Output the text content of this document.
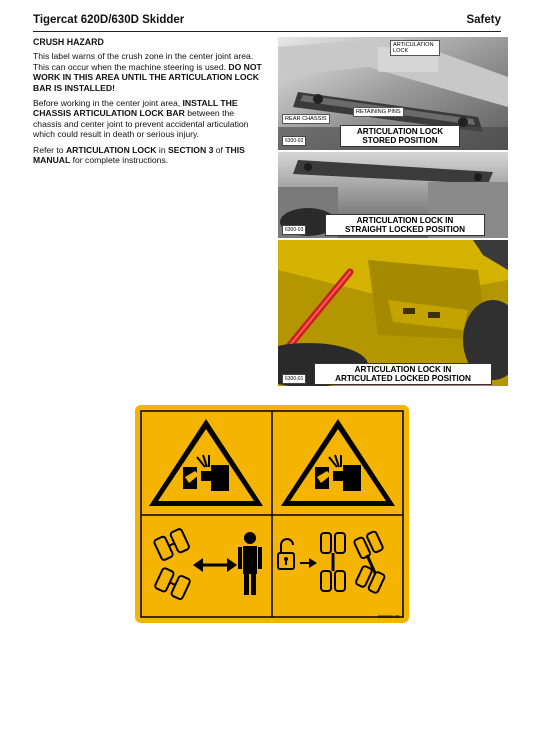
Tigercat 620D/630D Skidder	Safety
CRUSH HAZARD

This label warns of the crush zone in the center joint area. This can occur when the machine steering is used. DO NOT WORK IN THIS AREA UNTIL THE ARTICULATION LOCK BAR IS INSTALLED!

Before working in the center joint area, INSTALL THE CHASSIS ARTICULATION LOCK BAR between the chassis and center joint to prevent accidental articulation which could result in death or serious injury.

Refer to ARTICULATION LOCK in SECTION 3 of THIS MANUAL for complete instructions.

ARTICULATION LOCK
RETAINING PINS
REAR CHASSIS
6300-02
ARTICULATION LOCK
STORED POSITION
6300-03
ARTICULATION LOCK IN
STRAIGHT LOCKED POSITION
6300-01
ARTICULATION LOCK IN
ARTICULATED LOCKED POSITION
000000-00
